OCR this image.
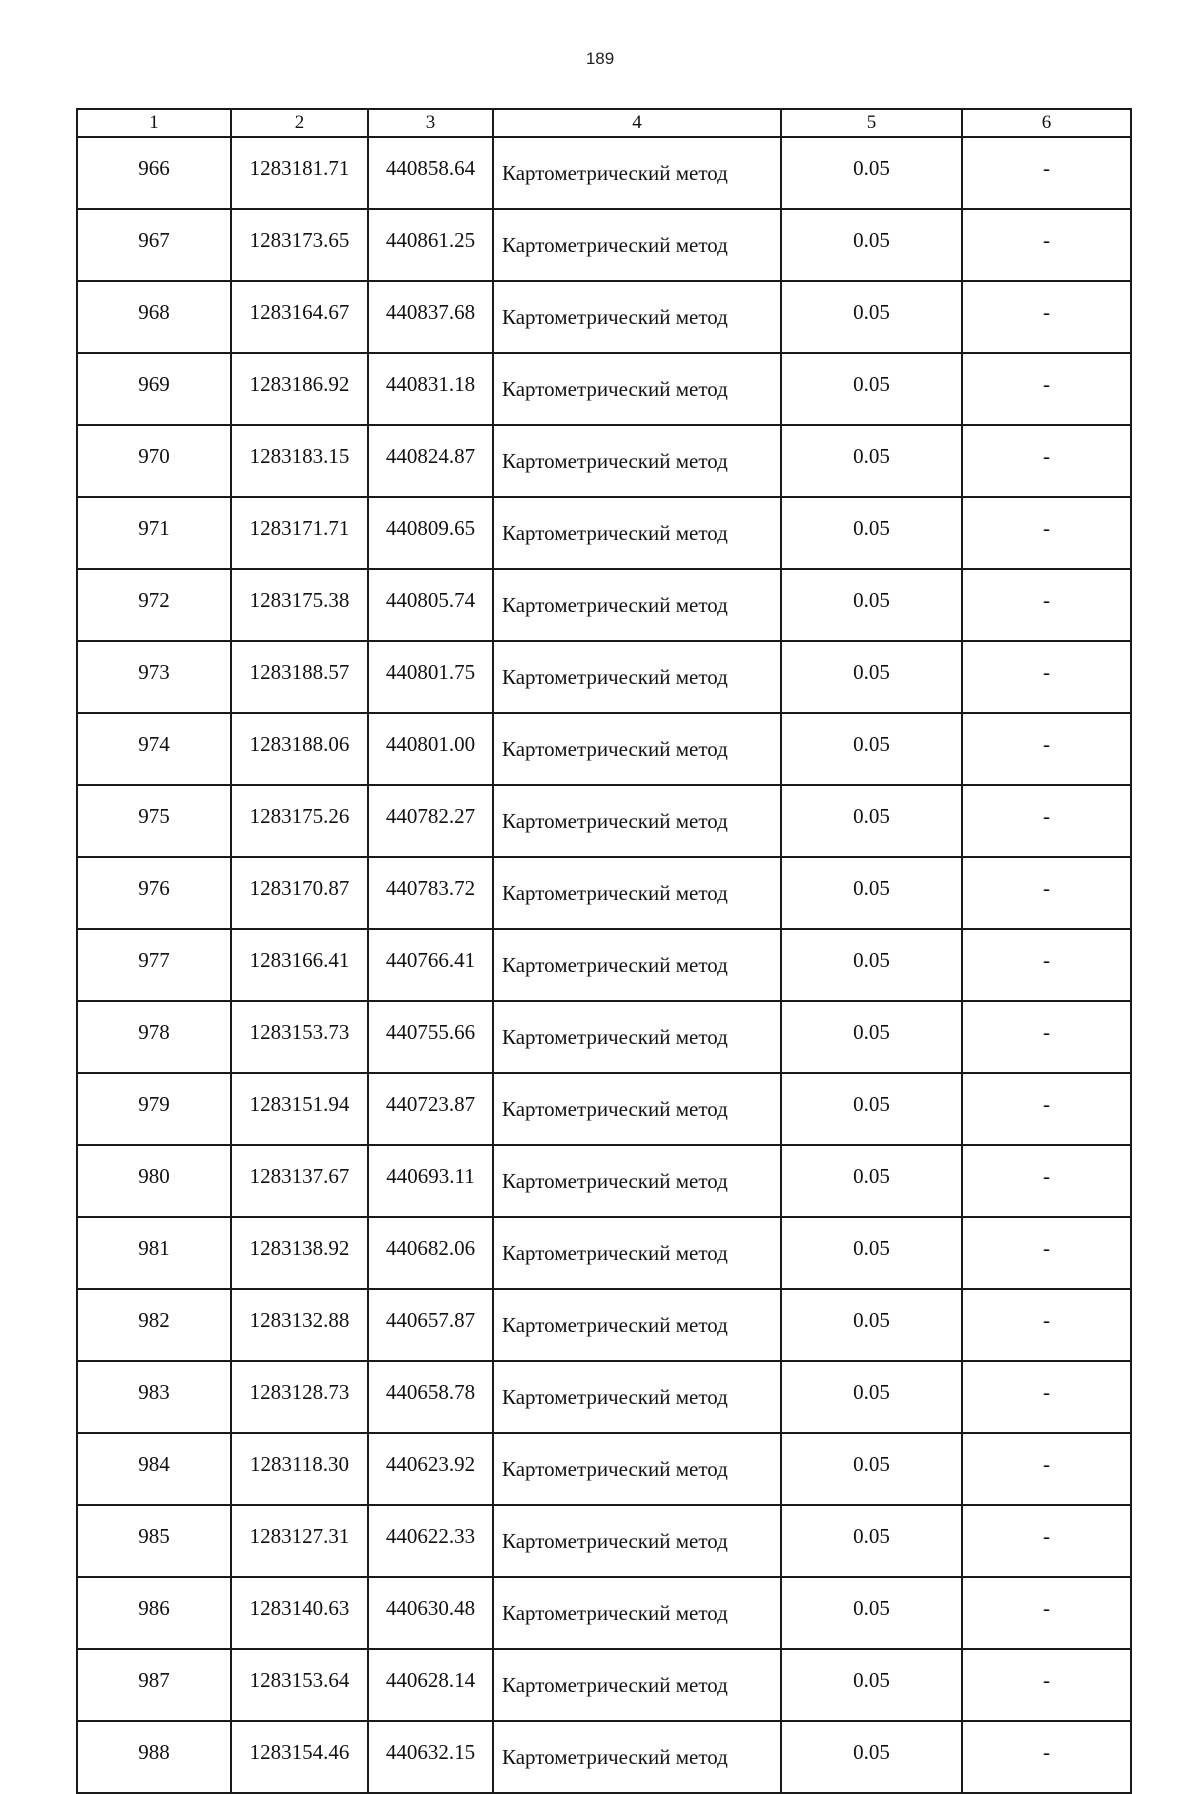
189
1	2	3	4	5	6
966	1283181.71	440858.64	Картометрический метод	0.05	-
967	1283173.65	440861.25	Картометрический метод	0.05	-
968	1283164.67	440837.68	Картометрический метод	0.05	-
969	1283186.92	440831.18	Картометрический метод	0.05	-
970	1283183.15	440824.87	Картометрический метод	0.05	-
971	1283171.71	440809.65	Картометрический метод	0.05	-
972	1283175.38	440805.74	Картометрический метод	0.05	-
973	1283188.57	440801.75	Картометрический метод	0.05	-
974	1283188.06	440801.00	Картометрический метод	0.05	-
975	1283175.26	440782.27	Картометрический метод	0.05	-
976	1283170.87	440783.72	Картометрический метод	0.05	-
977	1283166.41	440766.41	Картометрический метод	0.05	-
978	1283153.73	440755.66	Картометрический метод	0.05	-
979	1283151.94	440723.87	Картометрический метод	0.05	-
980	1283137.67	440693.11	Картометрический метод	0.05	-
981	1283138.92	440682.06	Картометрический метод	0.05	-
982	1283132.88	440657.87	Картометрический метод	0.05	-
983	1283128.73	440658.78	Картометрический метод	0.05	-
984	1283118.30	440623.92	Картометрический метод	0.05	-
985	1283127.31	440622.33	Картометрический метод	0.05	-
986	1283140.63	440630.48	Картометрический метод	0.05	-
987	1283153.64	440628.14	Картометрический метод	0.05	-
988	1283154.46	440632.15	Картометрический метод	0.05	-
